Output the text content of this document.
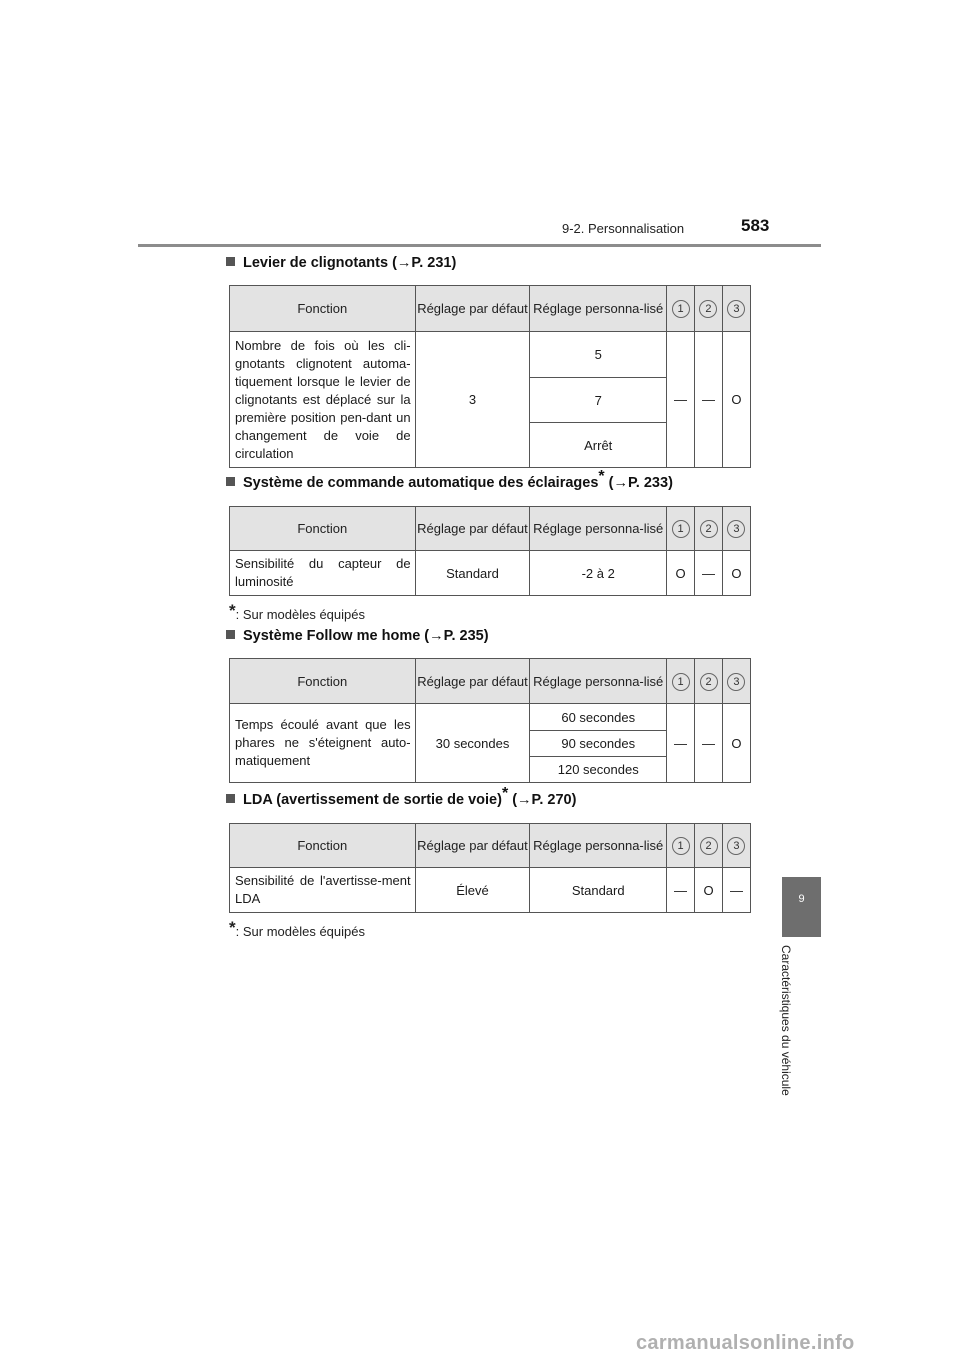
9-2. Personnalisation	583
9
Caractéristiques du véhicule
Levier de clignotants (→P. 231)
Fonction	Réglage par défaut	Réglage personna-lisé	1	2	3
Nombre de fois où les cli-gnotants clignotent automa-tiquement lorsque le levier de clignotants est déplacé sur la première position pen-dant un changement de voie de circulation	3	5	—	—	O
		7			
		Arrêt			
Système de commande automatique des éclairages* (→P. 233)
Fonction	Réglage par défaut	Réglage personna-lisé	1	2	3
Sensibilité du capteur de luminosité	Standard	-2 à 2	O	—	O
*: Sur modèles équipés
Système Follow me home (→P. 235)
Fonction	Réglage par défaut	Réglage personna-lisé	1	2	3
Temps écoulé avant que les phares ne s'éteignent auto-matiquement	30 secondes	60 secondes	—	—	O
		90 secondes			
		120 secondes			
LDA (avertissement de sortie de voie)* (→P. 270)
Fonction	Réglage par défaut	Réglage personna-lisé	1	2	3
Sensibilité de l'avertisse-ment LDA	Élevé	Standard	—	O	—
*: Sur modèles équipés
carmanualsonline.info
